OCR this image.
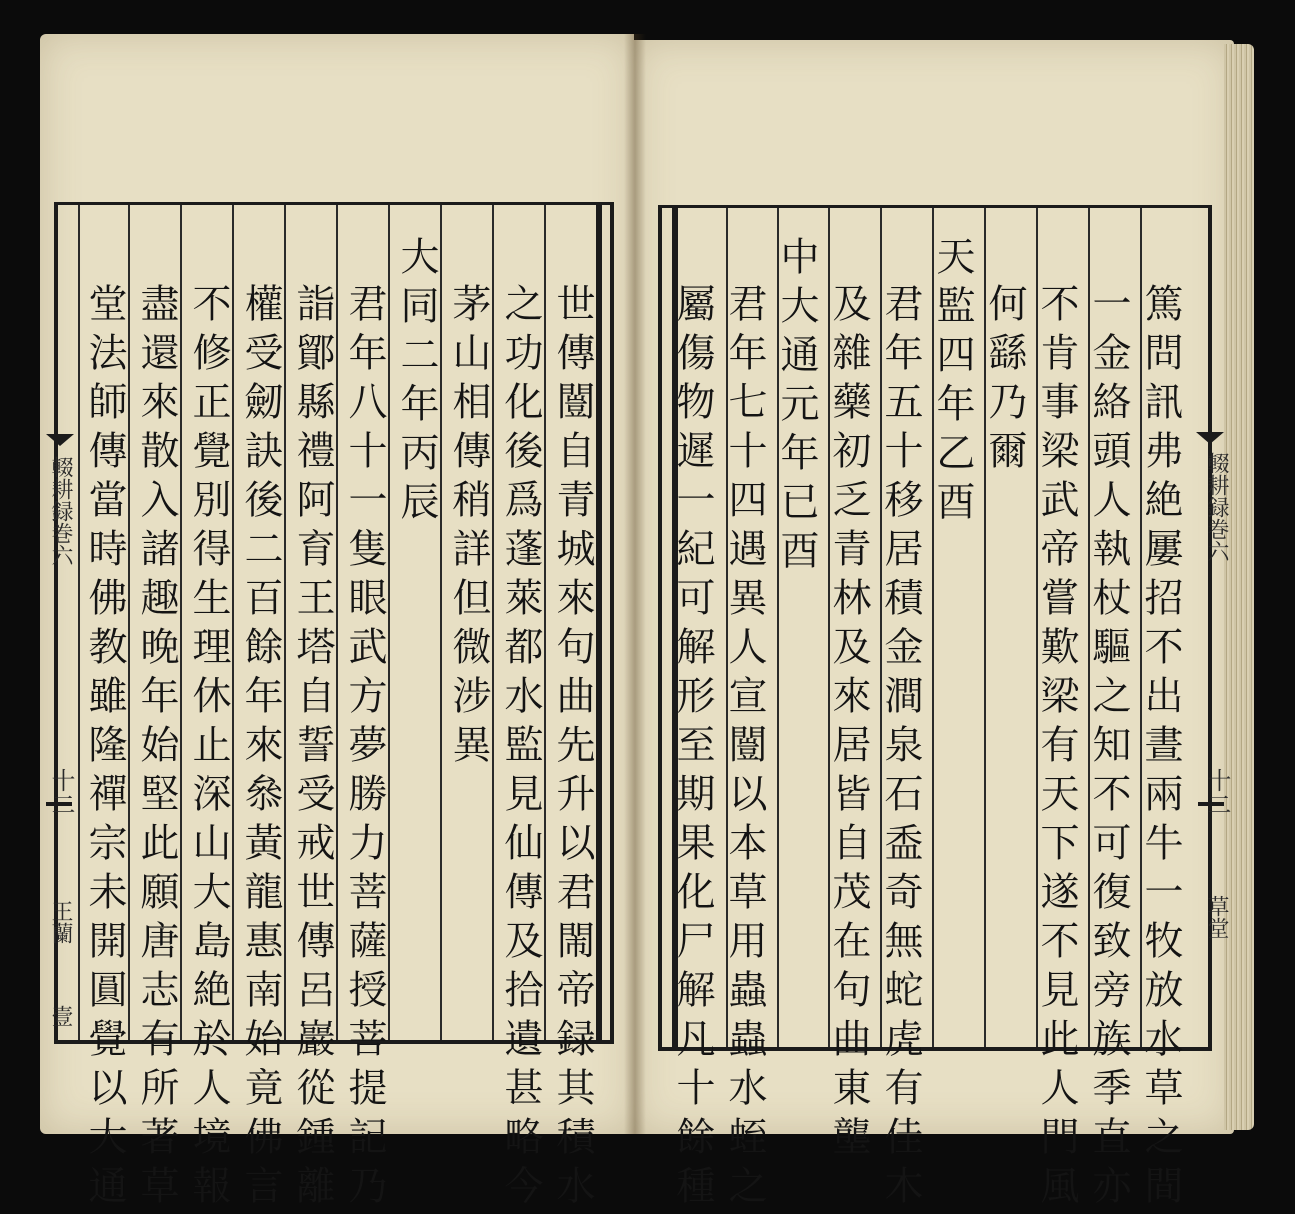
篤問訊弗絶屢招不出晝兩牛一牧放水草之間
一金絡頭人執杖驅之知不可復致旁族季直亦
不肯事梁武帝嘗歎梁有天下遂不見此人門風
何繇乃爾
天監四年乙酉
君年五十移居積金澗泉石盉奇無蛇虎有佳木
及雜藥初乏青林及來居皆自茂在句曲東壟
中大通元年已酉
君年七十四遇異人宣闓以本草用蟲蟲水蛭之
屬傷物遲一紀可解形至期果化尸解凡十餘種	輟耕録巻六
十二
草堂
世傳闓自青城來句曲先升以君閙帝録其積水
之功化後爲蓬萊都水監見仙傳及拾遺甚略今
茅山相傳稍詳但微涉異
大同二年丙辰
君年八十一隻眼武方夢勝力菩薩授菩提記乃
詣鄮縣禮阿育王塔自誓受戒世傳呂巖從鍾離
權受劒訣後二百餘年來叅黃龍惠南始竟佛言
不修正覺別得生理休止深山大島絶於人境報
盡還來散入諸趣晚年始堅此願唐志有所著草
堂法師傳當時佛教雖隆禪宗未開圓覺以大通
輟耕録巻六
十二
王蘭
壹
